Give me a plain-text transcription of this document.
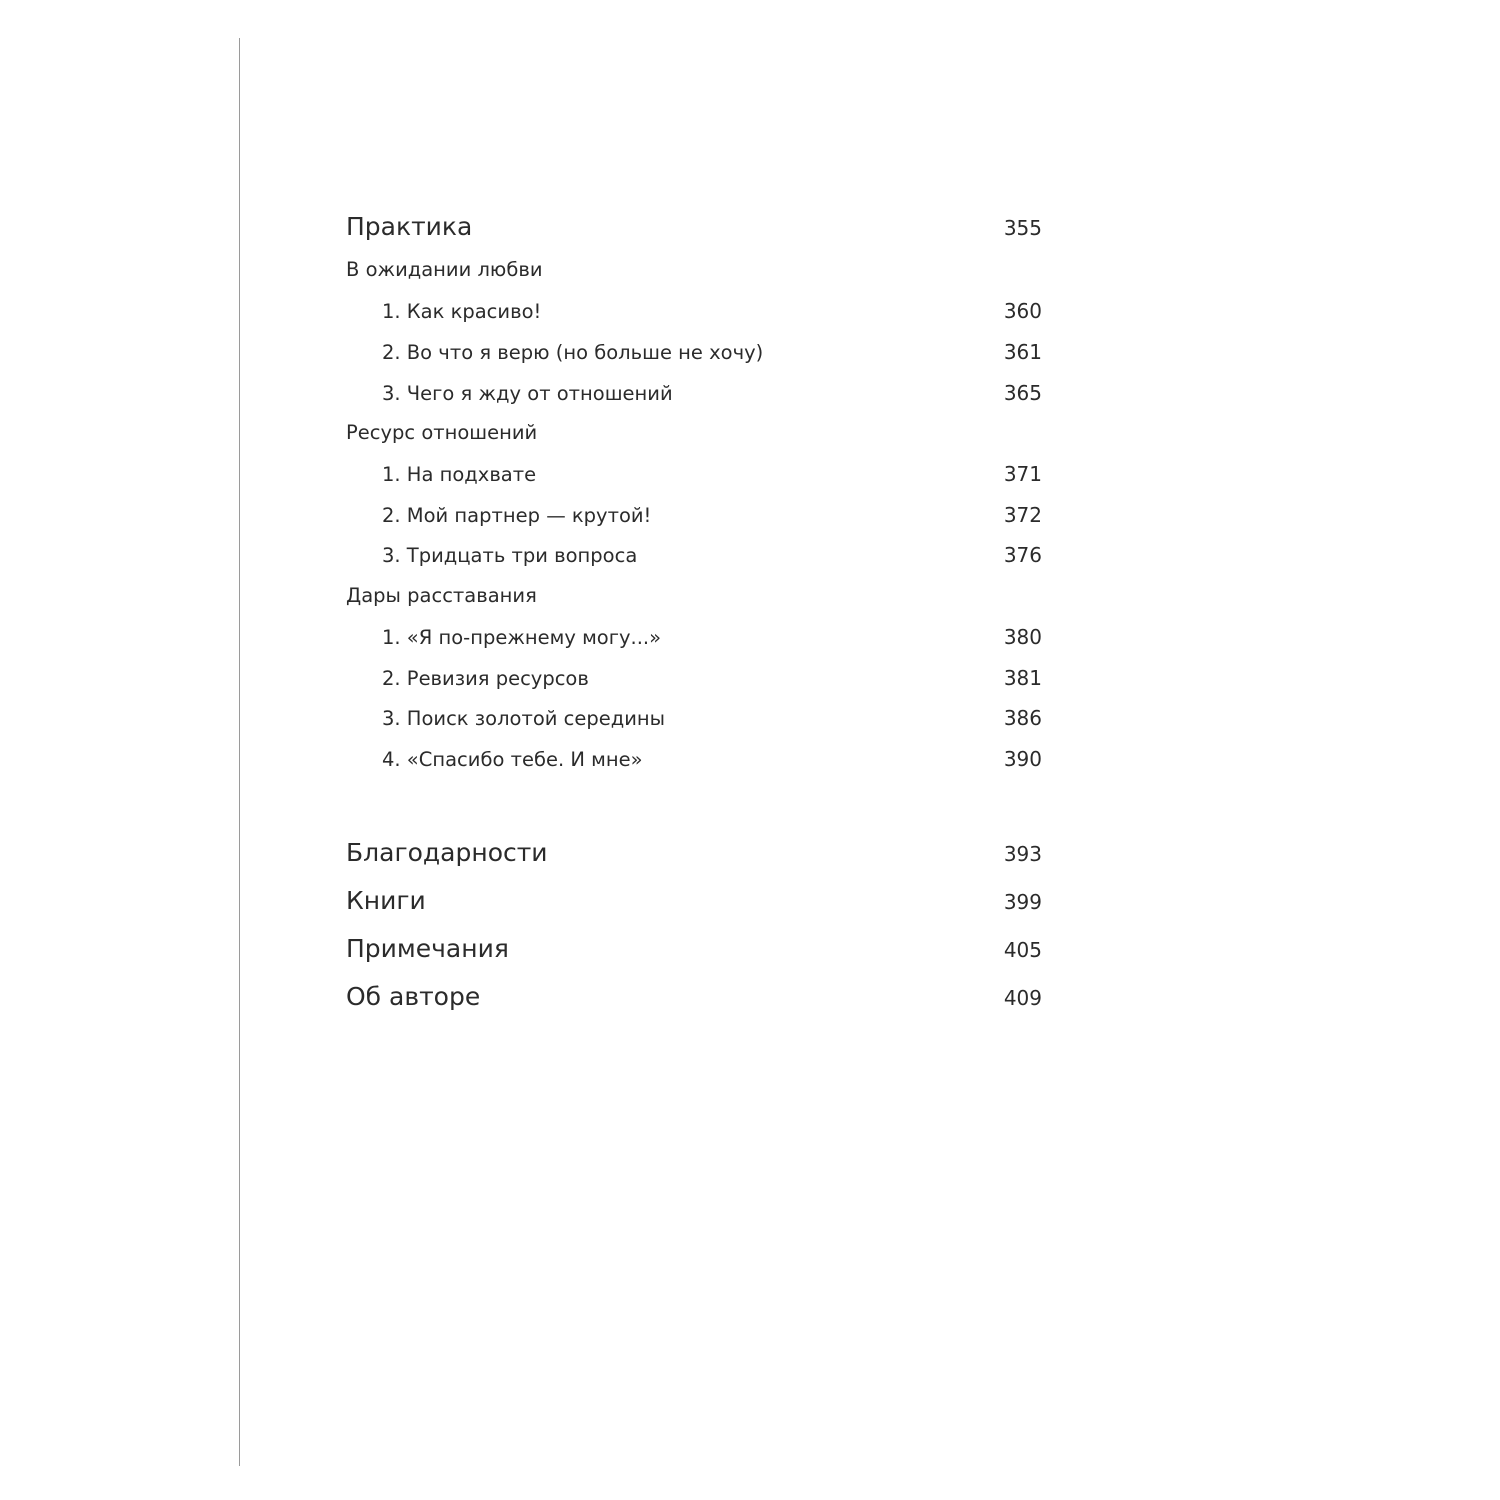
Практика	355
В ожидании любви
1. Как красиво!	360
2. Во что я верю (но больше не хочу)	361
3. Чего я жду от отношений	365
Ресурс отношений
1. На подхвате	371
2. Мой партнер — крутой!	372
3. Тридцать три вопроса	376
Дары расставания
1. «Я по-прежнему могу...»	380
2. Ревизия ресурсов	381
3. Поиск золотой середины	386
4. «Спасибо тебе. И мне»	390
Благодарности	393
Книги	399
Примечания	405
Об авторе	409
